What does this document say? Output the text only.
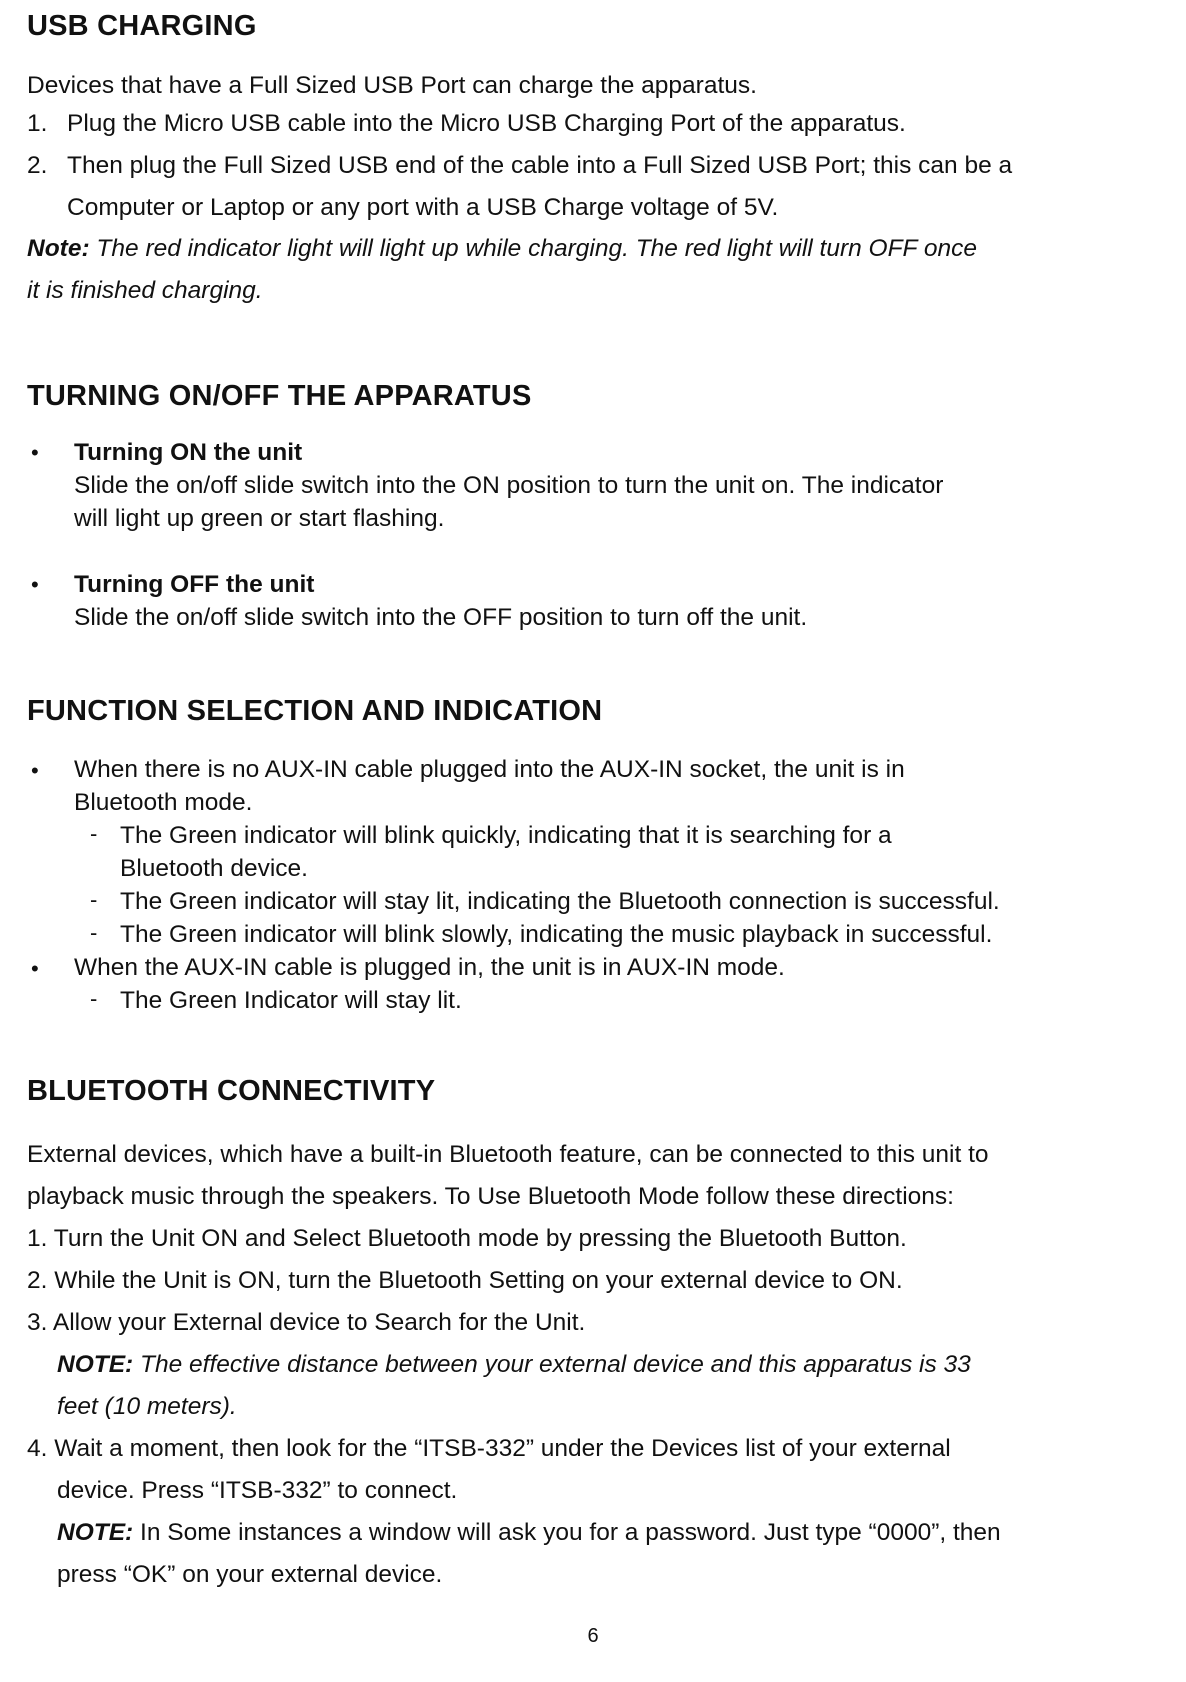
USB CHARGING
Devices that have a Full Sized USB Port can charge the apparatus.
1. Plug the Micro USB cable into the Micro USB Charging Port of the apparatus.
2. Then plug the Full Sized USB end of the cable into a Full Sized USB Port; this can be a
Computer or Laptop or any port with a USB Charge voltage of 5V.
Note: The red indicator light will light up while charging. The red light will turn OFF once
it is finished charging.
TURNING ON/OFF THE APPARATUS
• Turning ON the unit
Slide the on/off slide switch into the ON position to turn the unit on. The indicator
will light up green or start flashing.
• Turning OFF the unit
Slide the on/off slide switch into the OFF position to turn off the unit.
FUNCTION SELECTION AND INDICATION
• When there is no AUX-IN cable plugged into the AUX-IN socket, the unit is in
Bluetooth mode.
- The Green indicator will blink quickly, indicating that it is searching for a
Bluetooth device.
- The Green indicator will stay lit, indicating the Bluetooth connection is successful.
- The Green indicator will blink slowly, indicating the music playback in successful.
• When the AUX-IN cable is plugged in, the unit is in AUX-IN mode.
- The Green Indicator will stay lit.
BLUETOOTH CONNECTIVITY
External devices, which have a built-in Bluetooth feature, can be connected to this unit to
playback music through the speakers. To Use Bluetooth Mode follow these directions:
1. Turn the Unit ON and Select Bluetooth mode by pressing the Bluetooth Button.
2. While the Unit is ON, turn the Bluetooth Setting on your external device to ON.
3. Allow your External device to Search for the Unit.
NOTE: The effective distance between your external device and this apparatus is 33
feet (10 meters).
4. Wait a moment, then look for the “ITSB-332” under the Devices list of your external
device. Press “ITSB-332” to connect.
NOTE: In Some instances a window will ask you for a password. Just type “0000”, then
press “OK” on your external device.
6
